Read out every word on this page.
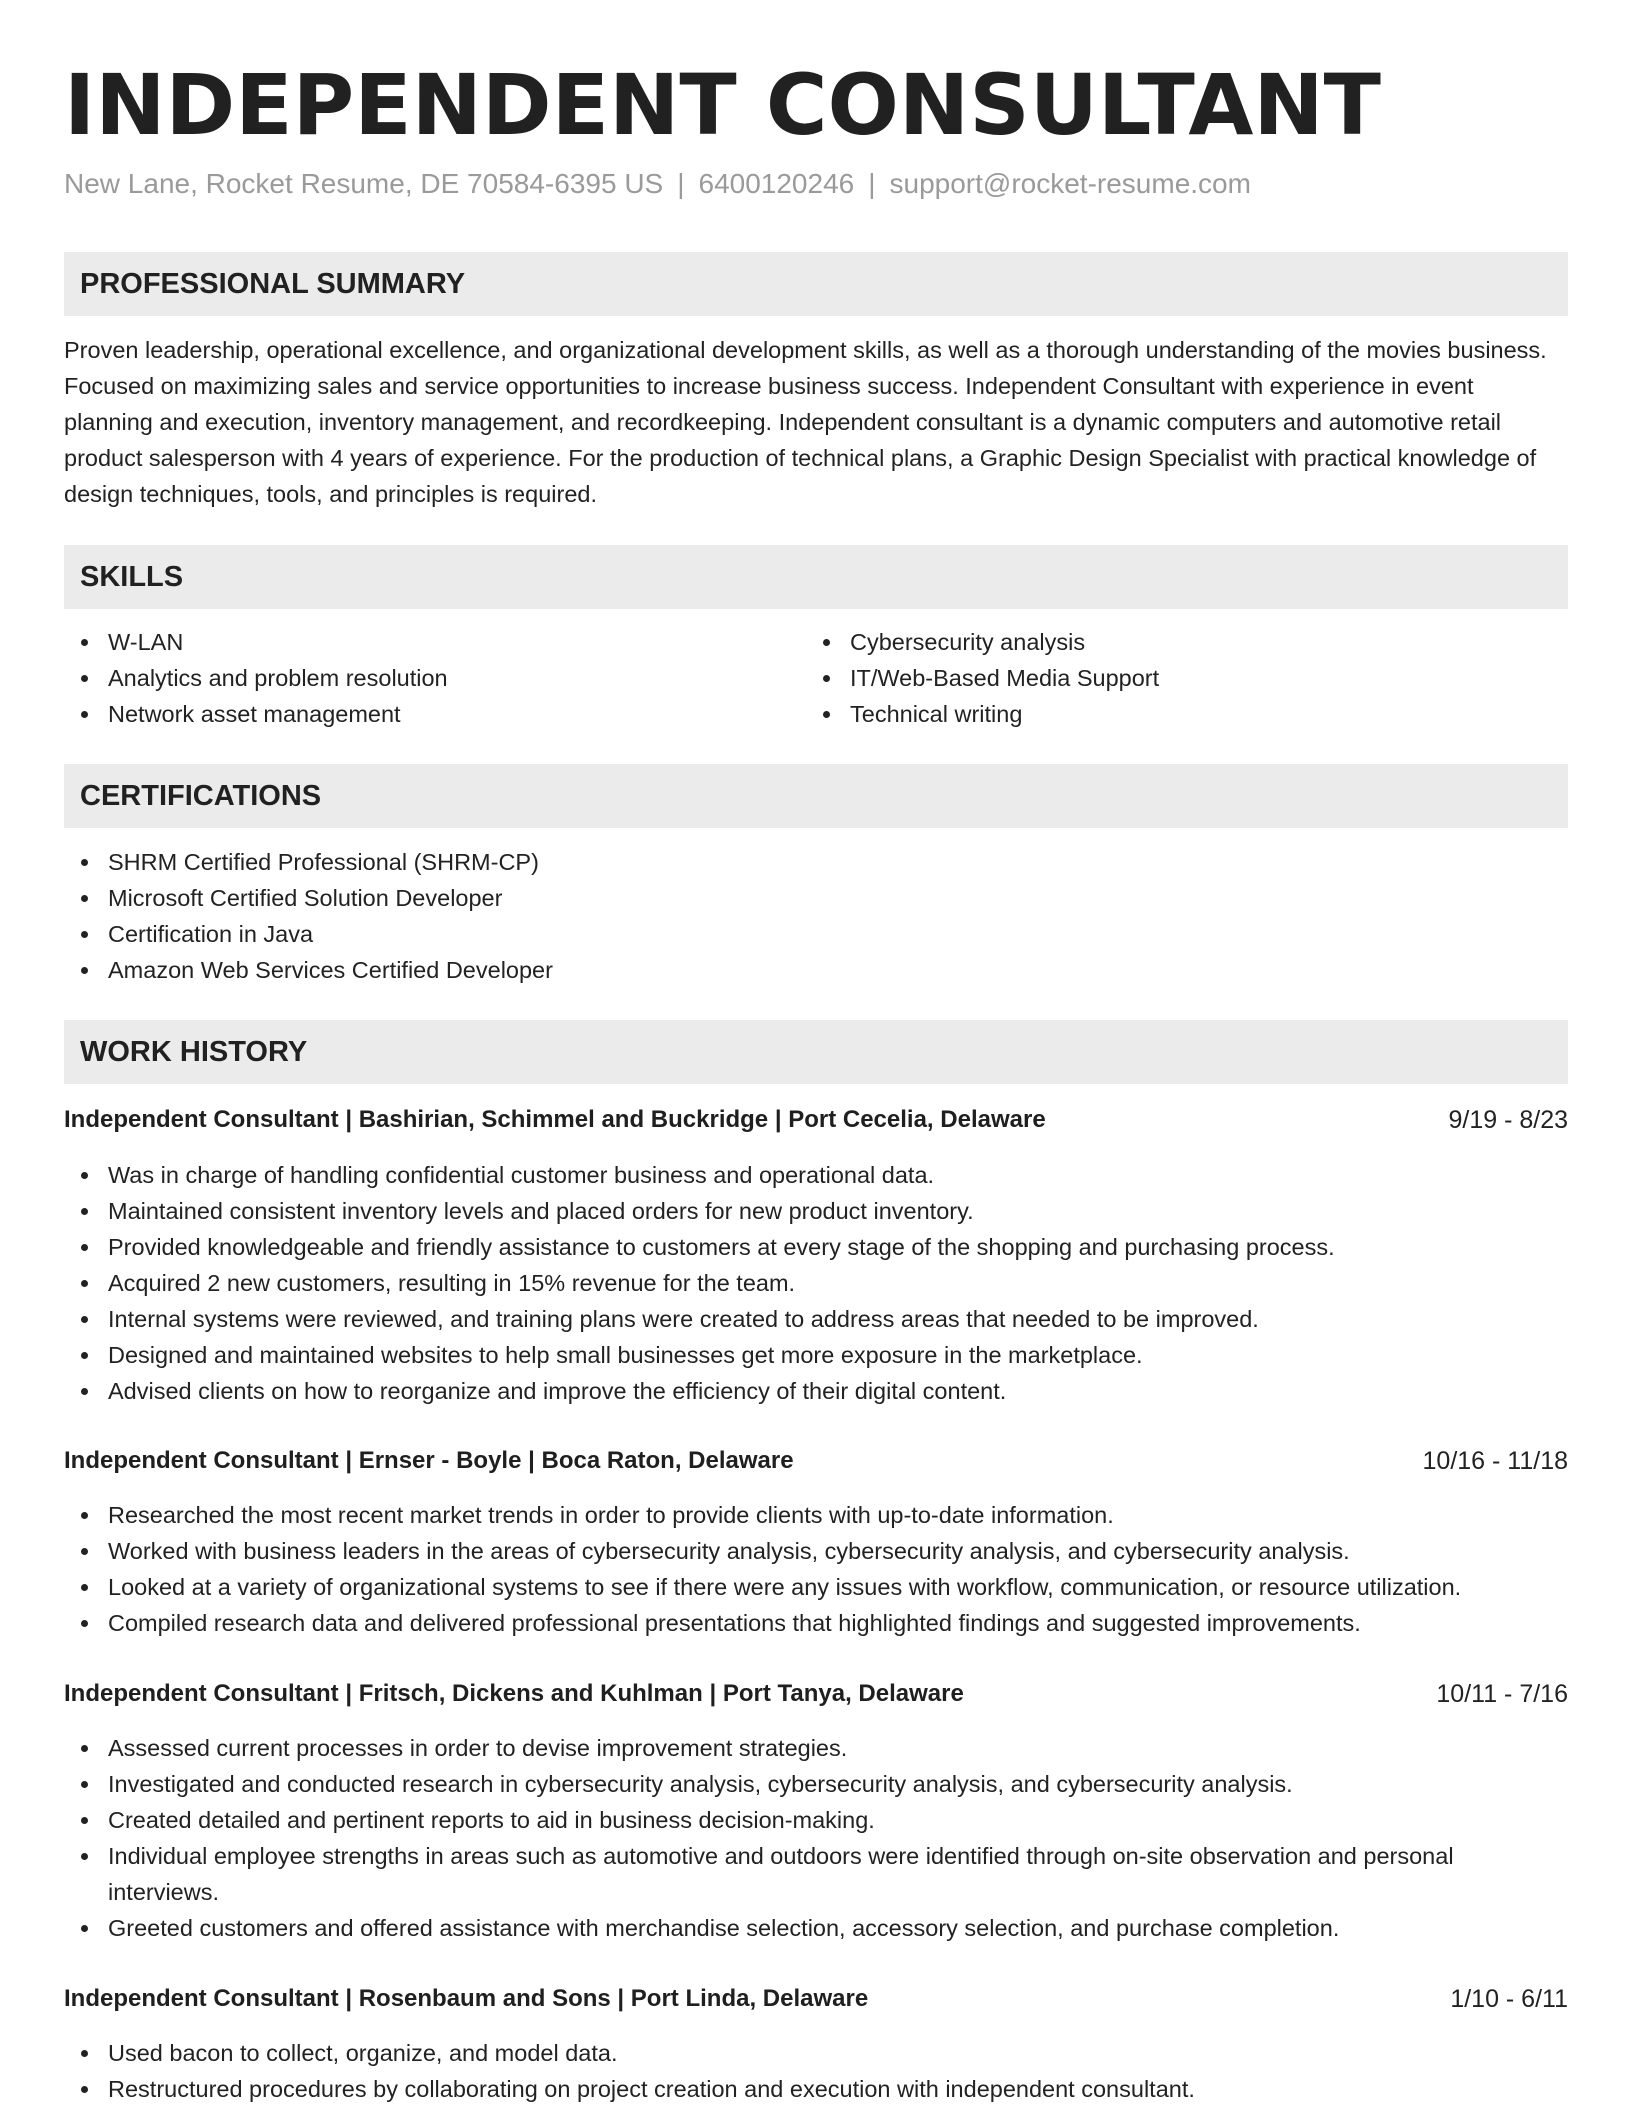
INDEPENDENT CONSULTANT
New Lane, Rocket Resume, DE 70584-6395 US | 6400120246 | support@rocket-resume.com
PROFESSIONAL SUMMARY
Proven leadership, operational excellence, and organizational development skills, as well as a thorough understanding of the movies business. Focused on maximizing sales and service opportunities to increase business success. Independent Consultant with experience in event planning and execution, inventory management, and recordkeeping. Independent consultant is a dynamic computers and automotive retail product salesperson with 4 years of experience. For the production of technical plans, a Graphic Design Specialist with practical knowledge of design techniques, tools, and principles is required.
SKILLS
W-LAN
Analytics and problem resolution
Network asset management
Cybersecurity analysis
IT/Web-Based Media Support
Technical writing
CERTIFICATIONS
SHRM Certified Professional (SHRM-CP)
Microsoft Certified Solution Developer
Certification in Java
Amazon Web Services Certified Developer
WORK HISTORY
Independent Consultant | Bashirian, Schimmel and Buckridge | Port Cecelia, Delaware	9/19 - 8/23
Was in charge of handling confidential customer business and operational data.
Maintained consistent inventory levels and placed orders for new product inventory.
Provided knowledgeable and friendly assistance to customers at every stage of the shopping and purchasing process.
Acquired 2 new customers, resulting in 15% revenue for the team.
Internal systems were reviewed, and training plans were created to address areas that needed to be improved.
Designed and maintained websites to help small businesses get more exposure in the marketplace.
Advised clients on how to reorganize and improve the efficiency of their digital content.
Independent Consultant | Ernser - Boyle | Boca Raton, Delaware	10/16 - 11/18
Researched the most recent market trends in order to provide clients with up-to-date information.
Worked with business leaders in the areas of cybersecurity analysis, cybersecurity analysis, and cybersecurity analysis.
Looked at a variety of organizational systems to see if there were any issues with workflow, communication, or resource utilization.
Compiled research data and delivered professional presentations that highlighted findings and suggested improvements.
Independent Consultant | Fritsch, Dickens and Kuhlman | Port Tanya, Delaware	10/11 - 7/16
Assessed current processes in order to devise improvement strategies.
Investigated and conducted research in cybersecurity analysis, cybersecurity analysis, and cybersecurity analysis.
Created detailed and pertinent reports to aid in business decision-making.
Individual employee strengths in areas such as automotive and outdoors were identified through on-site observation and personal interviews.
Greeted customers and offered assistance with merchandise selection, accessory selection, and purchase completion.
Independent Consultant | Rosenbaum and Sons | Port Linda, Delaware	1/10 - 6/11
Used bacon to collect, organize, and model data.
Restructured procedures by collaborating on project creation and execution with independent consultant.
